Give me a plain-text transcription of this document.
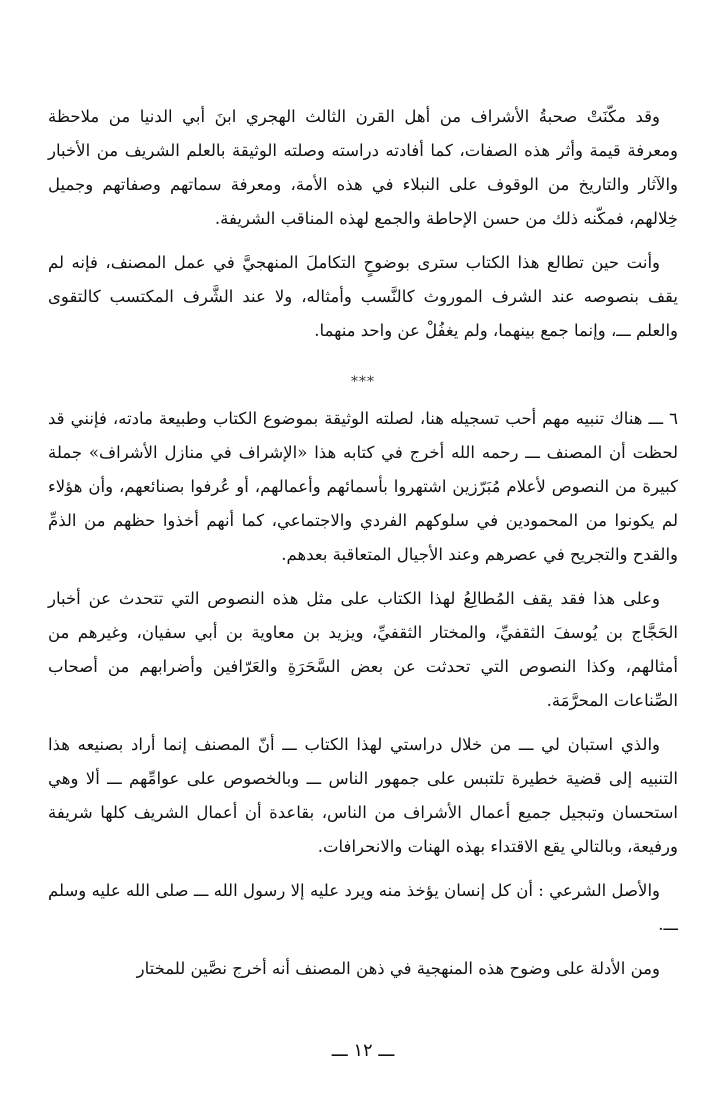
وقد مكّنَتْ صحبةُ الأشراف من أهل القرن الثالث الهجري ابنَ أبي الدنيا من ملاحظة ومعرفة قيمة وأثر هذه الصفات، كما أفادته دراسته وصلته الوثيقة بالعلم الشريف من الأخبار والآثار والتاريخ من الوقوف على النبلاء في هذه الأمة، ومعرفة سماتهم وصفاتهم وجميل خِلالهم، فمكّنه ذلك من حسن الإحاطة والجمع لهذه المناقب الشريفة.

وأنت حين تطالع هذا الكتاب سترى بوضوحٍ التكاملَ المنهجيَّ في عمل المصنف، فإنه لم يقف بنصوصه عند الشرف الموروث كالنَّسب وأمثاله، ولا عند الشَّرف المكتسب كالتقوى والعلم ـــ، وإنما جمع بينهما، ولم يغفُلْ عن واحد منهما.

***

٦ ـــ هناك تنبيه مهم أحب تسجيله هنا، لصلته الوثيقة بموضوع الكتاب وطبيعة مادته، فإنني قد لحظت أن المصنف ـــ رحمه الله أخرج في كتابه هذا «الإشراف في منازل الأشراف» جملة كبيرة من النصوص لأعلام مُبَرّزين اشتهروا بأسمائهم وأعمالهم، أو عُرفوا بصنائعهم، وأن هؤلاء لم يكونوا من المحمودين في سلوكهم الفردي والاجتماعي، كما أنهم أخذوا حظهم من الذمِّ والقدح والتجريح في عصرهم وعند الأجيال المتعاقبة بعدهم.

وعلى هذا فقد يقف المُطالِعُ لهذا الكتاب على مثل هذه النصوص التي تتحدث عن أخبار الحَجَّاج بن يُوسفَ الثقفيِّ، والمختار الثقفيِّ، ويزيد بن معاوية بن أبي سفيان، وغيرهم من أمثالهم، وكذا النصوص التي تحدثت عن بعض السَّحَرَةِ والعَرّافين وأضرابهم من أصحاب الصِّناعات المحرَّمَة.

والذي استبان لي ـــ من خلال دراستي لهذا الكتاب ـــ أنّ المصنف إنما أراد بصنيعه هذا التنبيه إلى قضية خطيرة تلتبس على جمهور الناس ـــ وبالخصوص على عوامِّهم ـــ ألا وهي استحسان وتبجيل جميع أعمال الأشراف من الناس، بقاعدة أن أعمال الشريف كلها شريفة ورفيعة، وبالتالي يقع الاقتداء بهذه الهنات والانحرافات.

والأصل الشرعي : أن كل إنسان يؤخذ منه ويرد عليه إلا رسول الله ـــ صلى الله عليه وسلم ـــ.

ومن الأدلة على وضوح هذه المنهجية في ذهن المصنف أنه أخرج نصَّين للمختار

ـــ ١٢ ـــ
